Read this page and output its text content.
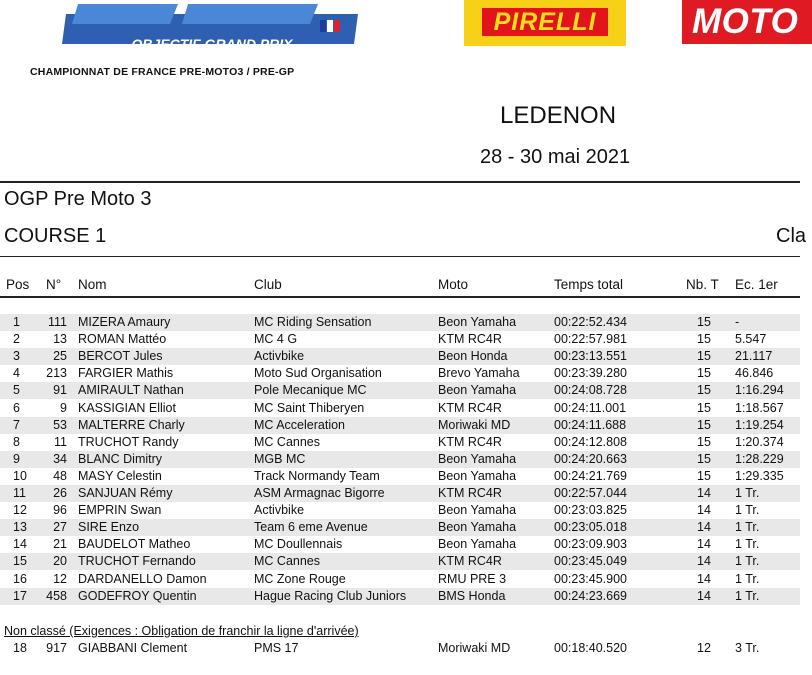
OBJECTIF GRAND PRIX
CHAMPIONNAT DE FRANCE PRE-MOTO3 / PRE-GP
PIRELLI	MOTO
LEDENON
28 - 30 mai 2021
OGP Pre Moto 3
COURSE 1	Cla
Pos N° Nom	Club	Moto	Temps total	Nb. T Ec. 1er
1	111 MIZERA Amaury	MC Riding Sensation	Beon Yamaha	00:22:52.434	15 -
2	13 ROMAN Mattéo	MC 4 G	KTM RC4R	00:22:57.981	15 5.547
3	25 BERCOT Jules	Activbike	Beon Honda	00:23:13.551	15 21.117
4	213 FARGIER Mathis	Moto Sud Organisation	Brevo Yamaha	00:23:39.280	15 46.846
5	91 AMIRAULT Nathan	Pole Mecanique MC	Beon Yamaha	00:24:08.728	15 1:16.294
6	9 KASSIGIAN Elliot	MC Saint Thiberyen	KTM RC4R	00:24:11.001	15 1:18.567
7	53 MALTERRE Charly	MC Acceleration	Moriwaki MD	00:24:11.688	15 1:19.254
8	11 TRUCHOT Randy	MC Cannes	KTM RC4R	00:24:12.808	15 1:20.374
9	34 BLANC Dimitry	MGB MC	Beon Yamaha	00:24:20.663	15 1:28.229
10	48 MASY Celestin	Track Normandy Team	Beon Yamaha	00:24:21.769	15 1:29.335
11	26 SANJUAN Rémy	ASM Armagnac Bigorre	KTM RC4R	00:22:57.044	14 1 Tr.
12	96 EMPRIN Swan	Activbike	Beon Yamaha	00:23:03.825	14 1 Tr.
13	27 SIRE Enzo	Team 6 eme Avenue	Beon Yamaha	00:23:05.018	14 1 Tr.
14	21 BAUDELOT Matheo	MC Doullennais	Beon Yamaha	00:23:09.903	14 1 Tr.
15	20 TRUCHOT Fernando	MC Cannes	KTM RC4R	00:23:45.049	14 1 Tr.
16	12 DARDANELLO Damon	MC Zone Rouge	RMU PRE 3	00:23:45.900	14 1 Tr.
17	458 GODEFROY Quentin	Hague Racing Club Juniors	BMS Honda	00:24:23.669	14 1 Tr.
Non classé (Exigences : Obligation de franchir la ligne d'arrivée)
18	917 GIABBANI Clement	PMS 17	Moriwaki MD	00:18:40.520	12 3 Tr.
